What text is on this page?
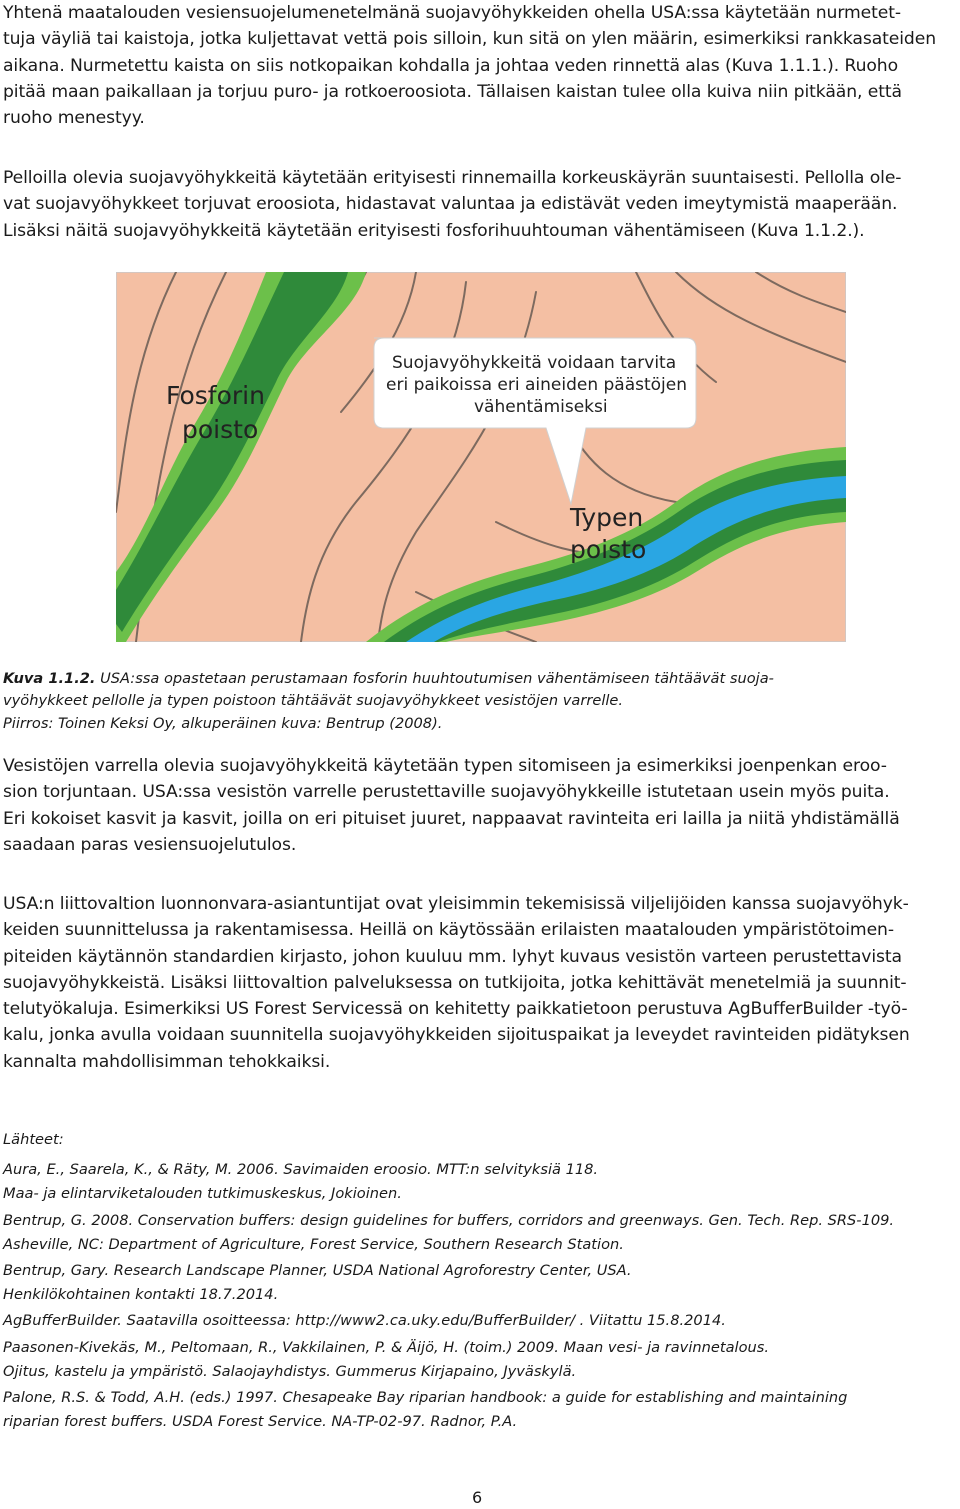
Yhtenä maatalouden vesiensuojelumenetelmänä suojavyöhykkeiden ohella USA:ssa käytetään nurmetet-
tuja väyliä tai kaistoja, jotka kuljettavat vettä pois silloin, kun sitä on ylen määrin, esimerkiksi rankkasateiden
aikana. Nurmetettu kaista on siis notkopaikan kohdalla ja johtaa veden rinnettä alas (Kuva 1.1.1.). Ruoho
pitää maan paikallaan ja torjuu puro- ja rotkoeroosiota. Tällaisen kaistan tulee olla kuiva niin pitkään, että
ruoho menestyy.
Pelloilla olevia suojavyöhykkeitä käytetään erityisesti rinnemailla korkeuskäyrän suuntaisesti. Pellolla ole-
vat suojavyöhykkeet torjuvat eroosiota, hidastavat valuntaa ja edistävät veden imeytymistä maaperään.
Lisäksi näitä suojavyöhykkeitä käytetään erityisesti fosforihuuhtouman vähentämiseen (Kuva 1.1.2.).
Fosforin
poisto
Suojavyöhykkeitä voidaan tarvita
eri paikoissa eri aineiden päästöjen
vähentämiseksi
Typen
poisto
Kuva 1.1.2. USA:ssa opastetaan perustamaan fosforin huuhtoutumisen vähentämiseen tähtäävät suoja-
vyöhykkeet pellolle ja typen poistoon tähtäävät suojavyöhykkeet vesistöjen varrelle.
Piirros: Toinen Keksi Oy, alkuperäinen kuva: Bentrup (2008).
Vesistöjen varrella olevia suojavyöhykkeitä käytetään typen sitomiseen ja esimerkiksi joenpenkan eroo-
sion torjuntaan. USA:ssa vesistön varrelle perustettaville suojavyöhykkeille istutetaan usein myös puita.
Eri kokoiset kasvit ja kasvit, joilla on eri pituiset juuret, nappaavat ravinteita eri lailla ja niitä yhdistämällä
saadaan paras vesiensuojelutulos.
USA:n liittovaltion luonnonvara-asiantuntijat ovat yleisimmin tekemisissä viljelijöiden kanssa suojavyöhyk-
keiden suunnittelussa ja rakentamisessa. Heillä on käytössään erilaisten maatalouden ympäristötoimen-
piteiden käytännön standardien kirjasto, johon kuuluu mm. lyhyt kuvaus vesistön varteen perustettavista
suojavyöhykkeistä. Lisäksi liittovaltion palveluksessa on tutkijoita, jotka kehittävät menetelmiä ja suunnit-
telutyökaluja. Esimerkiksi US Forest Servicessä on kehitetty paikkatietoon perustuva AgBufferBuilder -työ-
kalu, jonka avulla voidaan suunnitella suojavyöhykkeiden sijoituspaikat ja leveydet ravinteiden pidätyksen
kannalta mahdollisimman tehokkaiksi.
Lähteet:
Aura, E., Saarela, K., & Räty, M. 2006. Savimaiden eroosio. MTT:n selvityksiä 118.
Maa- ja elintarviketalouden tutkimuskeskus, Jokioinen.
Bentrup, G. 2008. Conservation buffers: design guidelines for buffers, corridors and greenways. Gen. Tech. Rep. SRS-109.
Asheville, NC: Department of Agriculture, Forest Service, Southern Research Station.
Bentrup, Gary. Research Landscape Planner, USDA National Agroforestry Center, USA.
Henkilökohtainen kontakti 18.7.2014.
AgBufferBuilder. Saatavilla osoitteessa: http://www2.ca.uky.edu/BufferBuilder/ . Viitattu 15.8.2014.
Paasonen-Kivekäs, M., Peltomaan, R., Vakkilainen, P. & Äijö, H. (toim.) 2009. Maan vesi- ja ravinnetalous.
Ojitus, kastelu ja ympäristö. Salaojayhdistys. Gummerus Kirjapaino, Jyväskylä.
Palone, R.S. & Todd, A.H. (eds.) 1997. Chesapeake Bay riparian handbook: a guide for establishing and maintaining
riparian forest buffers. USDA Forest Service. NA-TP-02-97. Radnor, P.A.
6
